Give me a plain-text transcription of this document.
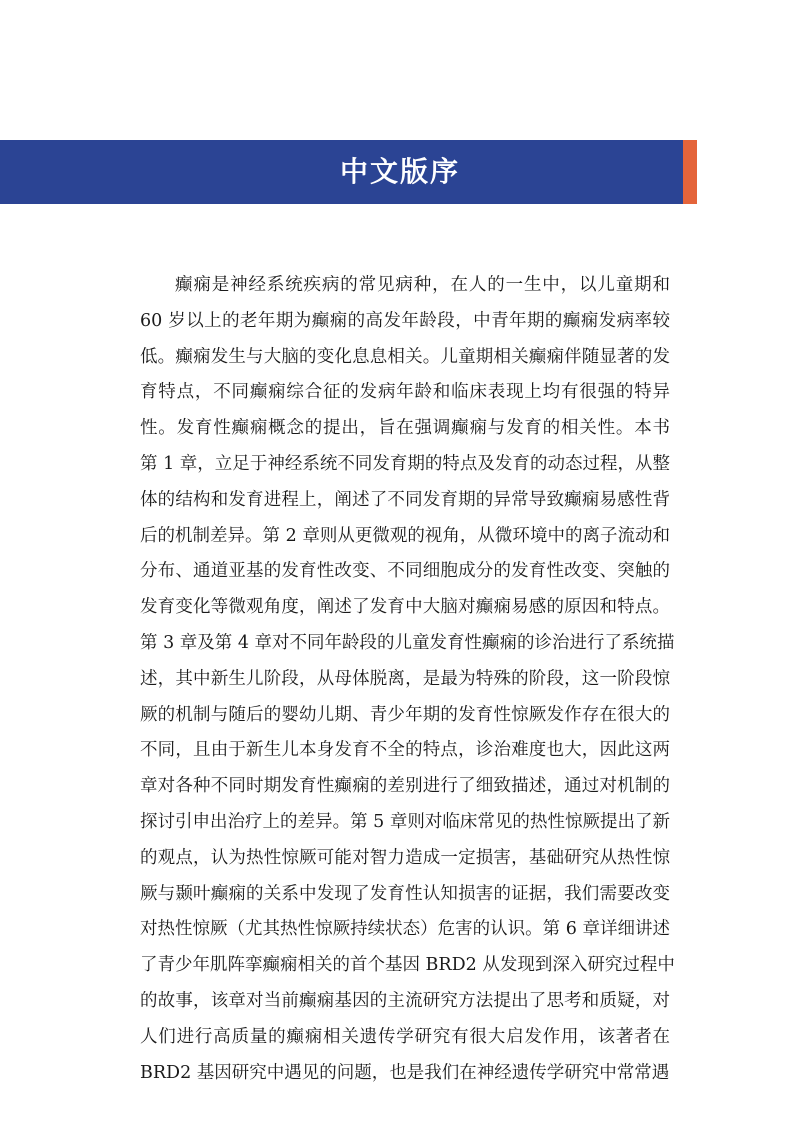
中文版序
癫痫是神经系统疾病的常见病种，在人的一生中，以儿童期和
60 岁以上的老年期为癫痫的高发年龄段，中青年期的癫痫发病率较
低。癫痫发生与大脑的变化息息相关。儿童期相关癫痫伴随显著的发
育特点，不同癫痫综合征的发病年龄和临床表现上均有很强的特异
性。发育性癫痫概念的提出，旨在强调癫痫与发育的相关性。本书
第 1 章，立足于神经系统不同发育期的特点及发育的动态过程，从整
体的结构和发育进程上，阐述了不同发育期的异常导致癫痫易感性背
后的机制差异。第 2 章则从更微观的视角，从微环境中的离子流动和
分布、通道亚基的发育性改变、不同细胞成分的发育性改变、突触的
发育变化等微观角度，阐述了发育中大脑对癫痫易感的原因和特点。
第 3 章及第 4 章对不同年龄段的儿童发育性癫痫的诊治进行了系统描
述，其中新生儿阶段，从母体脱离，是最为特殊的阶段，这一阶段惊
厥的机制与随后的婴幼儿期、青少年期的发育性惊厥发作存在很大的
不同，且由于新生儿本身发育不全的特点，诊治难度也大，因此这两
章对各种不同时期发育性癫痫的差别进行了细致描述，通过对机制的
探讨引申出治疗上的差异。第 5 章则对临床常见的热性惊厥提出了新
的观点，认为热性惊厥可能对智力造成一定损害，基础研究从热性惊
厥与颞叶癫痫的关系中发现了发育性认知损害的证据，我们需要改变
对热性惊厥（尤其热性惊厥持续状态）危害的认识。第 6 章详细讲述
了青少年肌阵挛癫痫相关的首个基因 BRD2 从发现到深入研究过程中
的故事，该章对当前癫痫基因的主流研究方法提出了思考和质疑，对
人们进行高质量的癫痫相关遗传学研究有很大启发作用，该著者在
BRD2 基因研究中遇见的问题，也是我们在神经遗传学研究中常常遇
